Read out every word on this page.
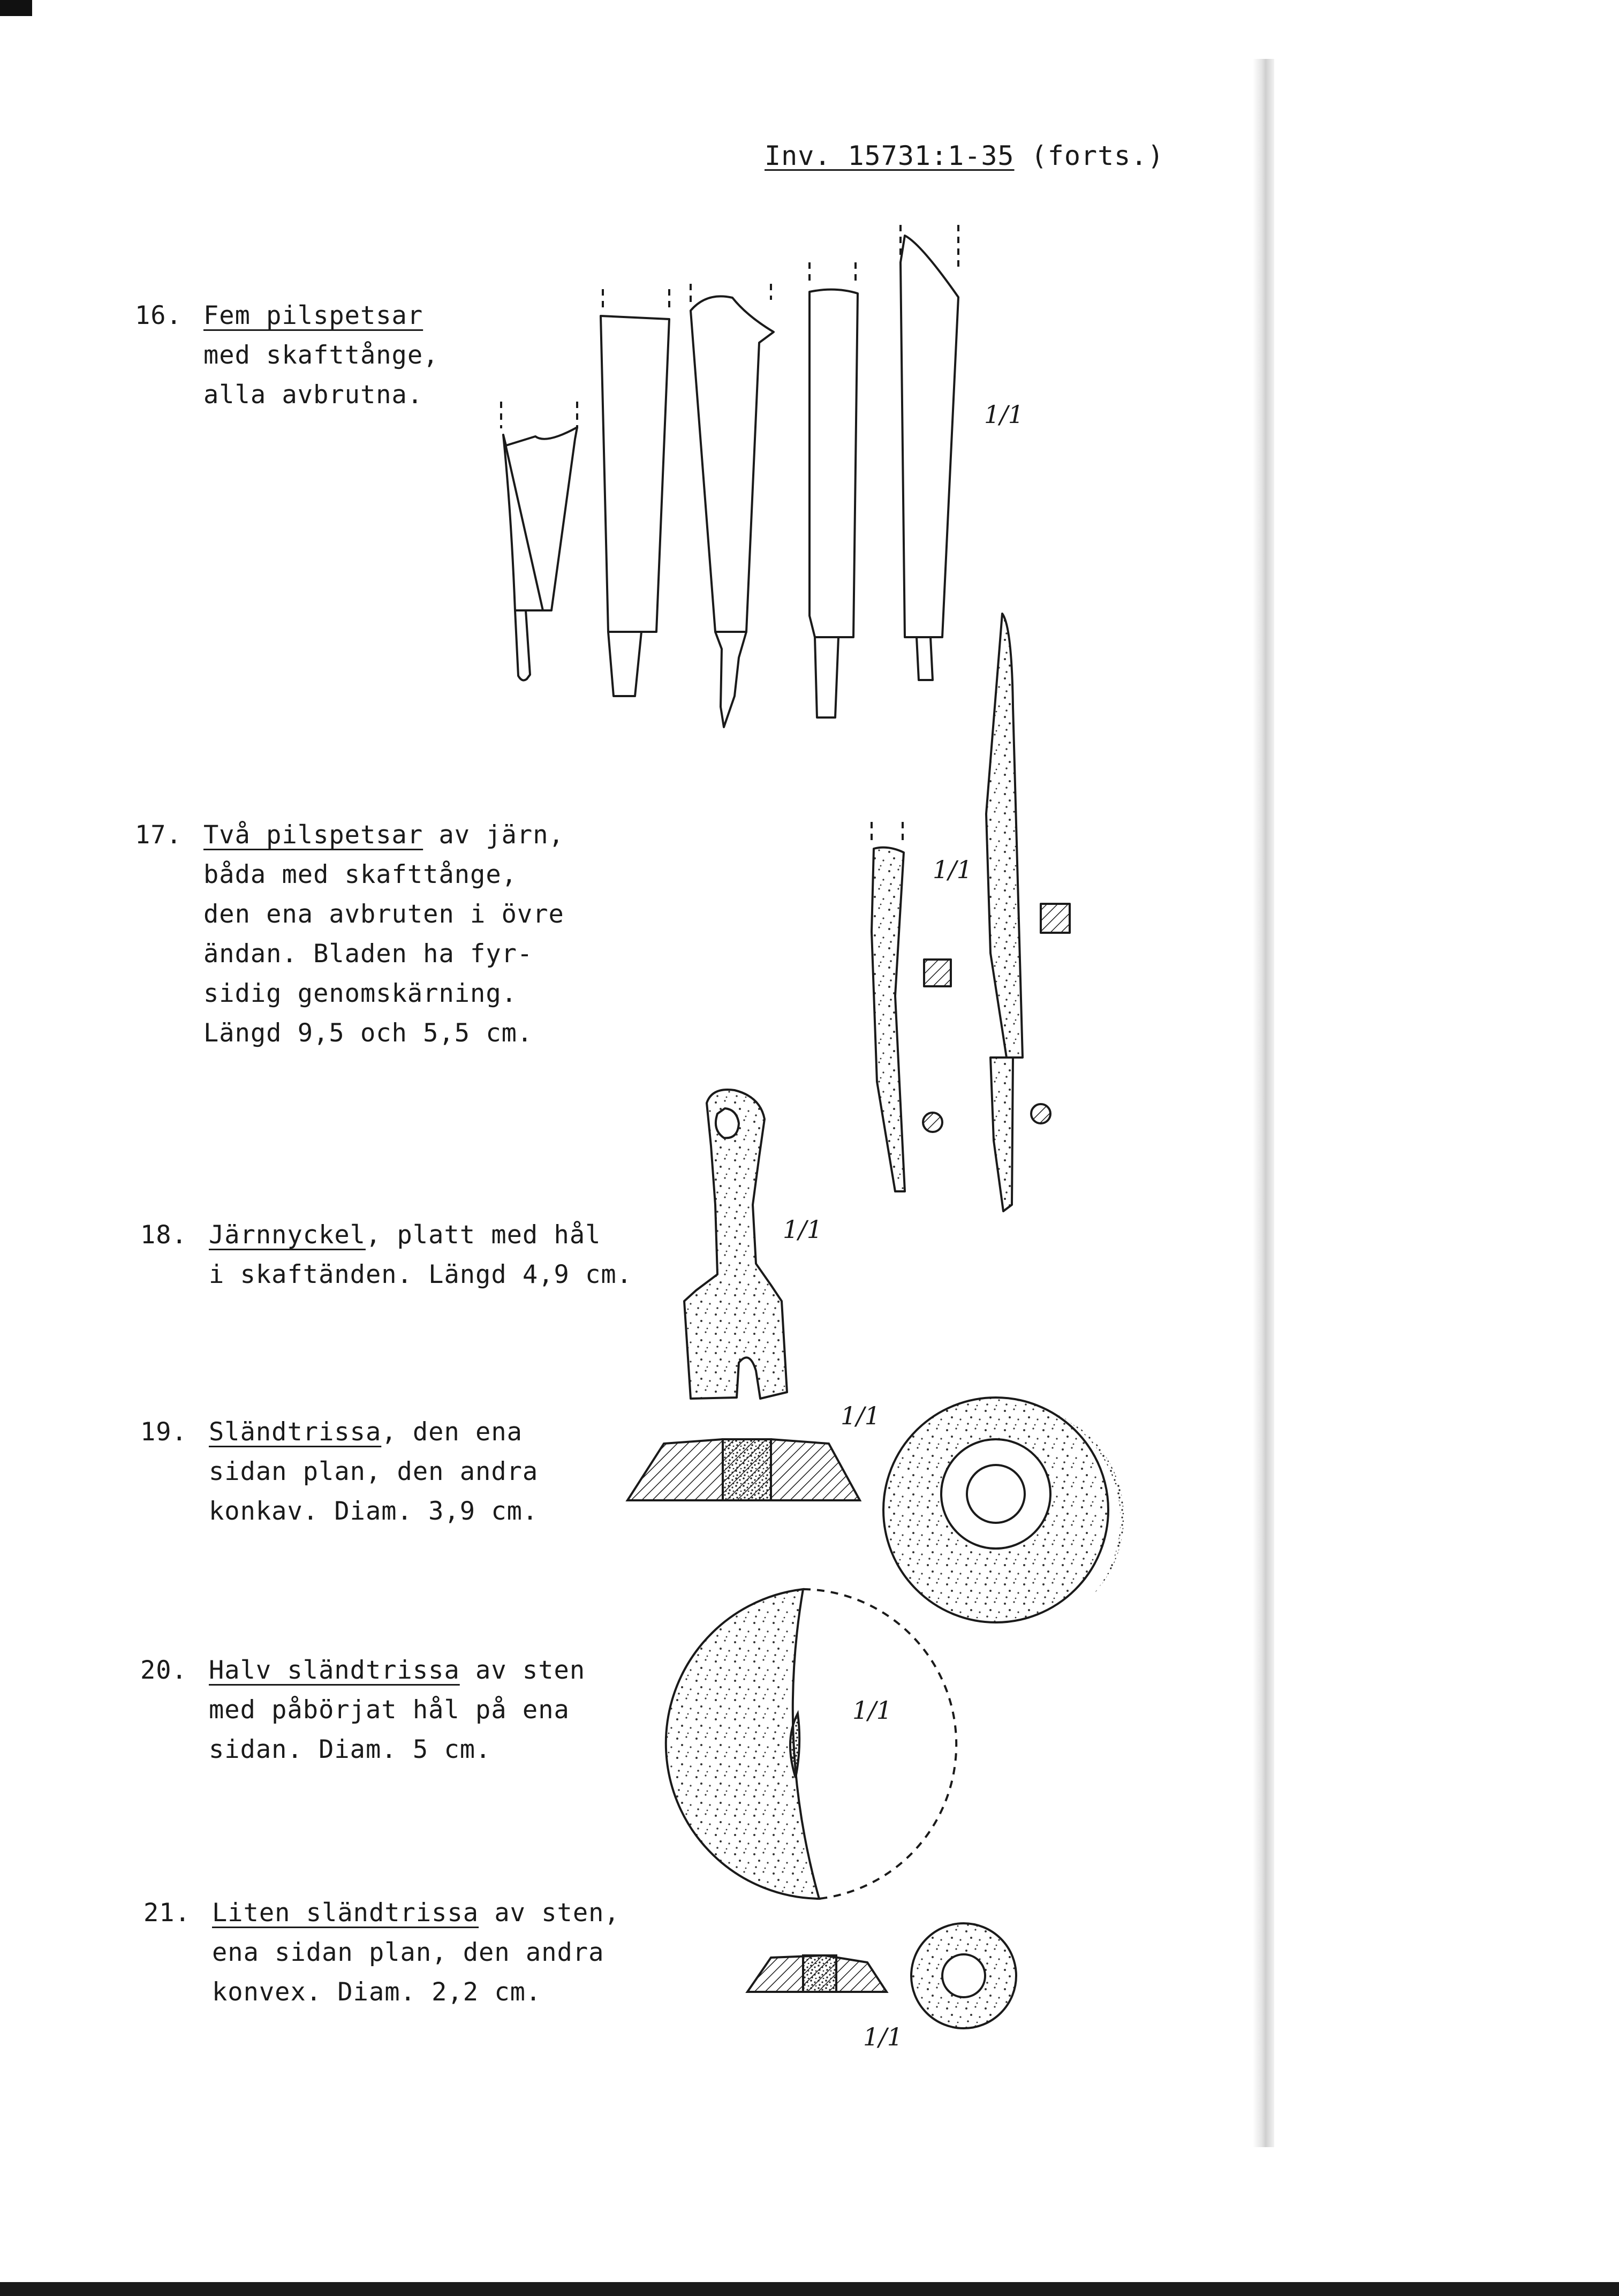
Inv. 15731:1-35 (forts.)
16. Fem pilspetsar
med skafttånge,
alla avbrutna.
17. Två pilspetsar av järn,
båda med skafttånge,
den ena avbruten i övre
ändan. Bladen ha fyr-
sidig genomskärning.
Längd 9,5 och 5,5 cm.
18. Järnnyckel, platt med hål
i skaftänden. Längd 4,9 cm.
19. Sländtrissa, den ena
sidan plan, den andra
konkav. Diam. 3,9 cm.
20. Halv sländtrissa av sten
med påbörjat hål på ena
sidan. Diam. 5 cm.
21. Liten sländtrissa av sten,
ena sidan plan, den andra
konvex. Diam. 2,2 cm.
1/1
1/1
1/1
1/1
1/1
1/1
